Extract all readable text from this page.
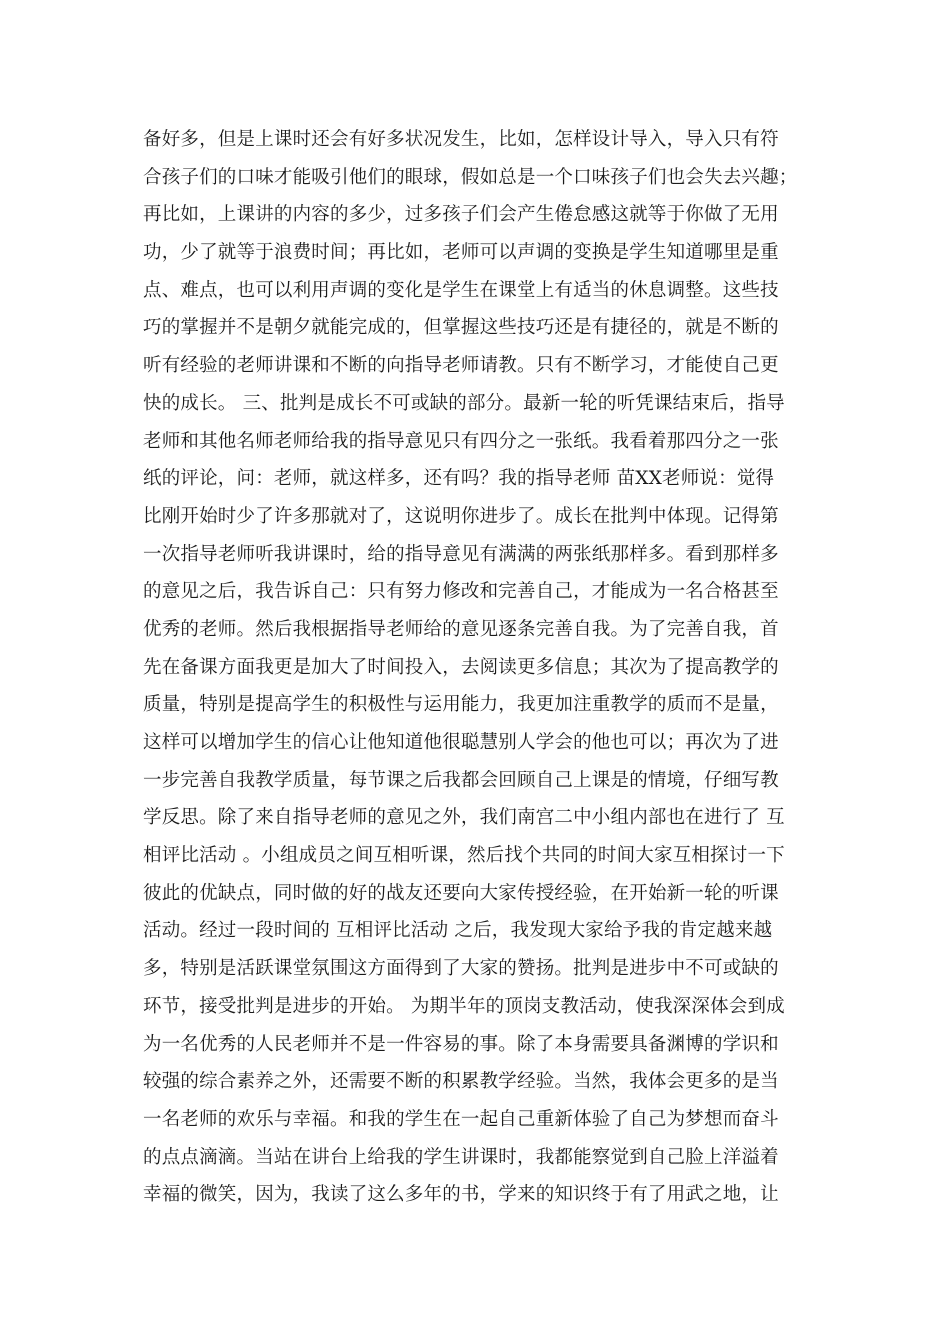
备好多，但是上课时还会有好多状况发生，比如，怎样设计导入，导入只有符
合孩子们的口味才能吸引他们的眼球，假如总是一个口味孩子们也会失去兴趣；
再比如，上课讲的内容的多少，过多孩子们会产生倦怠感这就等于你做了无用
功，少了就等于浪费时间；再比如，老师可以声调的变换是学生知道哪里是重
点、难点，也可以利用声调的变化是学生在课堂上有适当的休息调整。这些技
巧的掌握并不是朝夕就能完成的，但掌握这些技巧还是有捷径的，就是不断的
听有经验的老师讲课和不断的向指导老师请教。只有不断学习，才能使自己更
快的成长。 三、批判是成长不可或缺的部分。最新一轮的听凭课结束后，指导
老师和其他名师老师给我的指导意见只有四分之一张纸。我看着那四分之一张
纸的评论，问：老师，就这样多，还有吗？我的指导老师 苗XX老师说：觉得
比刚开始时少了许多那就对了，这说明你进步了。成长在批判中体现。记得第
一次指导老师听我讲课时，给的指导意见有满满的两张纸那样多。看到那样多
的意见之后，我告诉自己：只有努力修改和完善自己，才能成为一名合格甚至
优秀的老师。然后我根据指导老师给的意见逐条完善自我。为了完善自我，首
先在备课方面我更是加大了时间投入，去阅读更多信息；其次为了提高教学的
质量，特别是提高学生的积极性与运用能力，我更加注重教学的质而不是量，
这样可以增加学生的信心让他知道他很聪慧别人学会的他也可以；再次为了进
一步完善自我教学质量，每节课之后我都会回顾自己上课是的情境，仔细写教
学反思。除了来自指导老师的意见之外，我们南宫二中小组内部也在进行了 互
相评比活动 。小组成员之间互相听课，然后找个共同的时间大家互相探讨一下
彼此的优缺点，同时做的好的战友还要向大家传授经验，在开始新一轮的听课
活动。经过一段时间的 互相评比活动 之后，我发现大家给予我的肯定越来越
多，特别是活跃课堂氛围这方面得到了大家的赞扬。批判是进步中不可或缺的
环节，接受批判是进步的开始。 为期半年的顶岗支教活动，使我深深体会到成
为一名优秀的人民老师并不是一件容易的事。除了本身需要具备渊博的学识和
较强的综合素养之外，还需要不断的积累教学经验。当然，我体会更多的是当
一名老师的欢乐与幸福。和我的学生在一起自己重新体验了自己为梦想而奋斗
的点点滴滴。当站在讲台上给我的学生讲课时，我都能察觉到自己脸上洋溢着
幸福的微笑，因为，我读了这么多年的书，学来的知识终于有了用武之地，让
